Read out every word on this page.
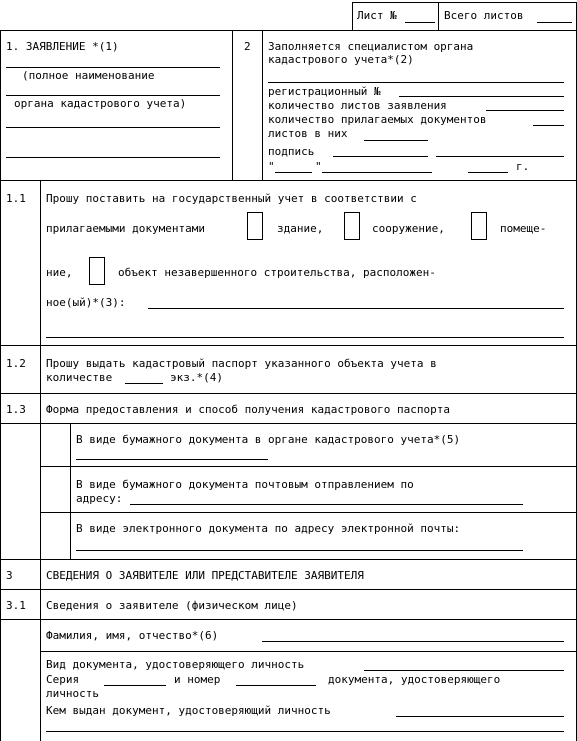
Лист №	Всего листов
1. ЗАЯВЛЕНИЕ *(1)
(полное наименование
органа кадастрового учета)
2 Заполняется специалистом органа
кадастрового учета*(2)
регистрационный №
количество листов заявления
количество прилагаемых документов
листов в них
подпись
"	"	г.
1.1 Прошу поставить на государственный учет в соответствии с
прилагаемыми документами	здание,	сооружение,	помеще-
ние,	объект незавершенного строительства, расположен-
ное(ый)*(3):
1.2 Прошу выдать кадастровый паспорт указанного объекта учета в
количестве	экз.*(4)
1.3 Форма предоставления и способ получения кадастрового паспорта
В виде бумажного документа в органе кадастрового учета*(5)
В виде бумажного документа почтовым отправлением по
адресу:
В виде электронного документа по адресу электронной почты:
3	СВЕДЕНИЯ О ЗАЯВИТЕЛЕ ИЛИ ПРЕДСТАВИТЕЛЕ ЗАЯВИТЕЛЯ
3.1 Сведения о заявителе (физическом лице)
Фамилия, имя, отчество*(6)
Вид документа, удостоверяющего личность
Серия	и номер	документа, удостоверяющего
личность
Кем выдан документ, удостоверяющий личность
